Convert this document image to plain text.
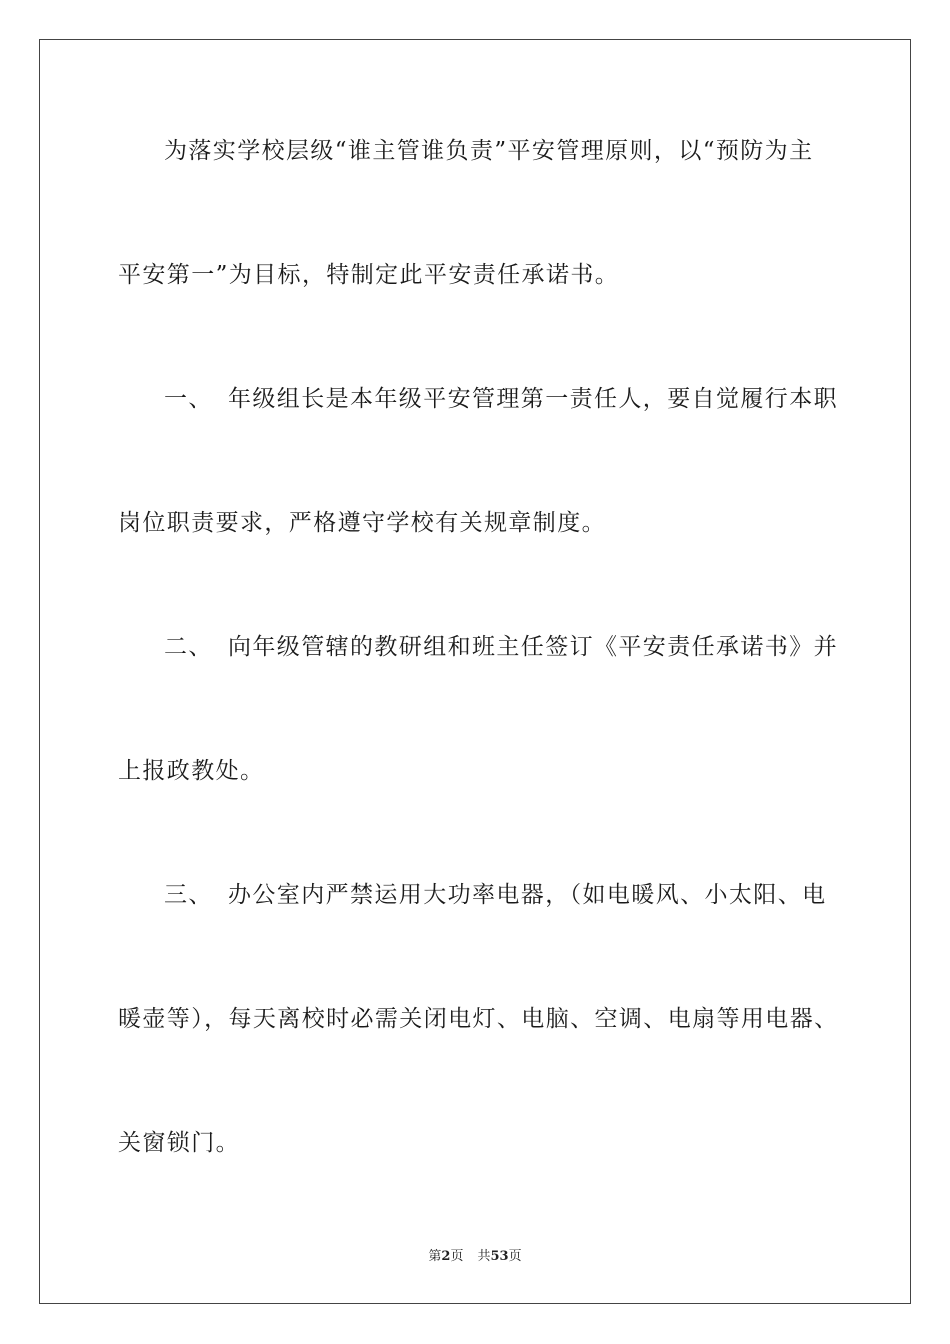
为落实学校层级“谁主管谁负责”平安管理原则，以“预防为主
平安第一”为目标，特制定此平安责任承诺书。
一、 年级组长是本年级平安管理第一责任人，要自觉履行本职
岗位职责要求，严格遵守学校有关规章制度。
二、 向年级管辖的教研组和班主任签订《平安责任承诺书》并
上报政教处。
三、 办公室内严禁运用大功率电器，（如电暖风、小太阳、电
暖壶等），每天离校时必需关闭电灯、电脑、空调、电扇等用电器、
关窗锁门。
第2页 共53页
